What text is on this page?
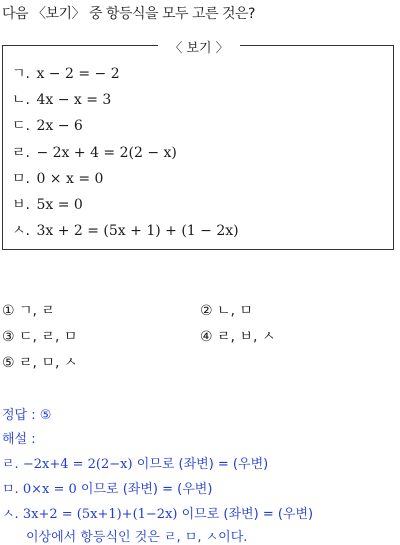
다음 〈보기〉 중 항등식을 모두 고른 것은?
〈 보기 〉
ㄱ. x − 2 = − 2
ㄴ. 4x − x = 3
ㄷ. 2x − 6
ㄹ. − 2x + 4 = 2(2 − x)
ㅁ. 0 × x = 0
ㅂ. 5x = 0
ㅅ. 3x + 2 = (5x + 1) + (1 − 2x)
① ㄱ, ㄹ	② ㄴ, ㅁ
③ ㄷ, ㄹ, ㅁ	④ ㄹ, ㅂ, ㅅ
⑤ ㄹ, ㅁ, ㅅ
정답 : ⑤
해설 :
ㄹ. −2x+4 = 2(2−x) 이므로 (좌변) = (우변)
ㅁ. 0×x = 0 이므로 (좌변) = (우변)
ㅅ. 3x+2 = (5x+1)+(1−2x) 이므로 (좌변) = (우변)
이상에서 항등식인 것은 ㄹ, ㅁ, ㅅ이다.
